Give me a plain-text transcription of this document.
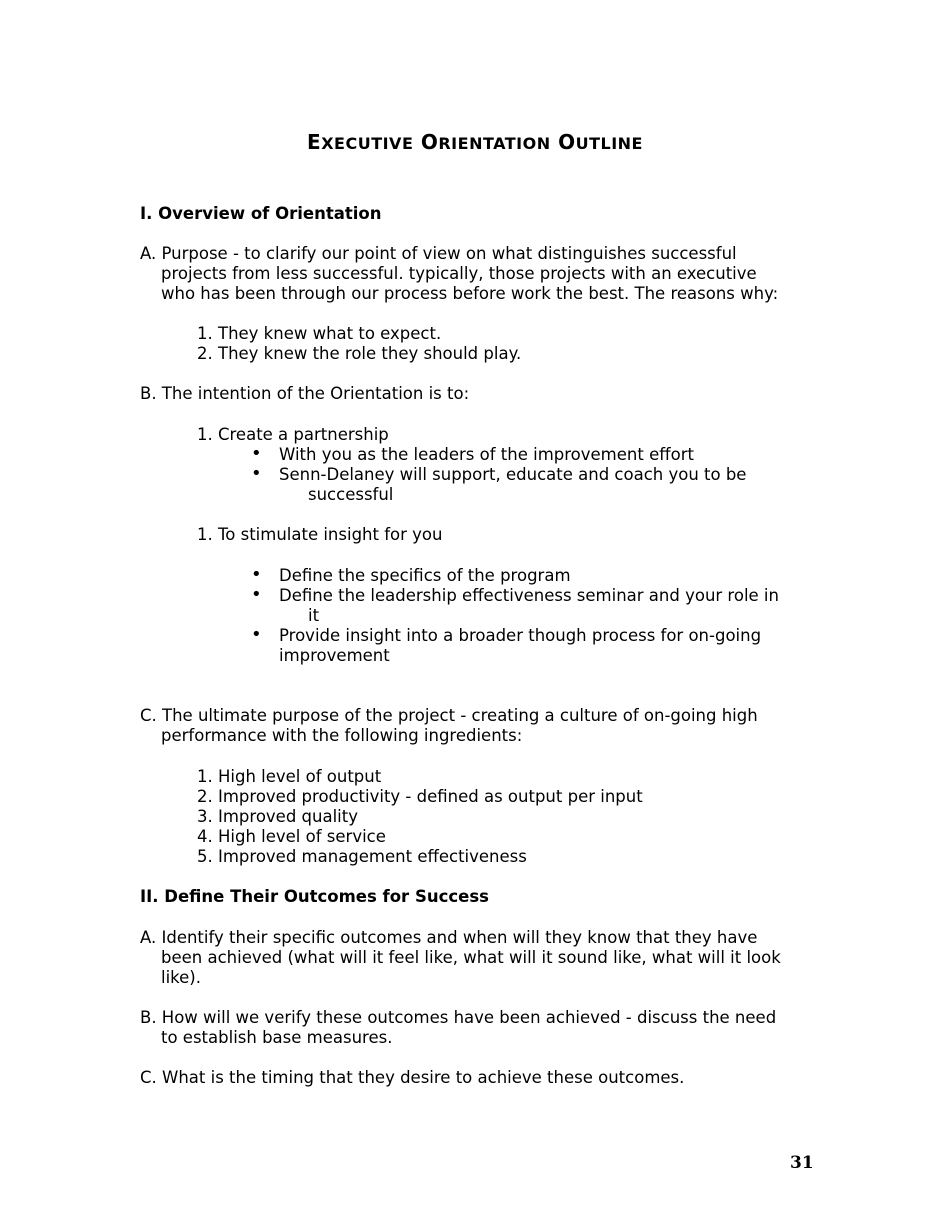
EXECUTIVE ORIENTATION OUTLINE
I. Overview of Orientation
A. Purpose - to clarify our point of view on what distinguishes successful
projects from less successful. typically, those projects with an executive
who has been through our process before work the best. The reasons why:
1. They knew what to expect.
2. They knew the role they should play.
B. The intention of the Orientation is to:
1. Create a partnership
• With you as the leaders of the improvement effort
• Senn-Delaney will support, educate and coach you to be
successful
1. To stimulate insight for you
• Define the specifics of the program
• Define the leadership effectiveness seminar and your role in
it
• Provide insight into a broader though process for on-going
improvement
C. The ultimate purpose of the project - creating a culture of on-going high
performance with the following ingredients:
1. High level of output
2. Improved productivity - defined as output per input
3. Improved quality
4. High level of service
5. Improved management effectiveness
II. Define Their Outcomes for Success
A. Identify their specific outcomes and when will they know that they have
been achieved (what will it feel like, what will it sound like, what will it look
like).
B. How will we verify these outcomes have been achieved - discuss the need
to establish base measures.
C. What is the timing that they desire to achieve these outcomes.
31
